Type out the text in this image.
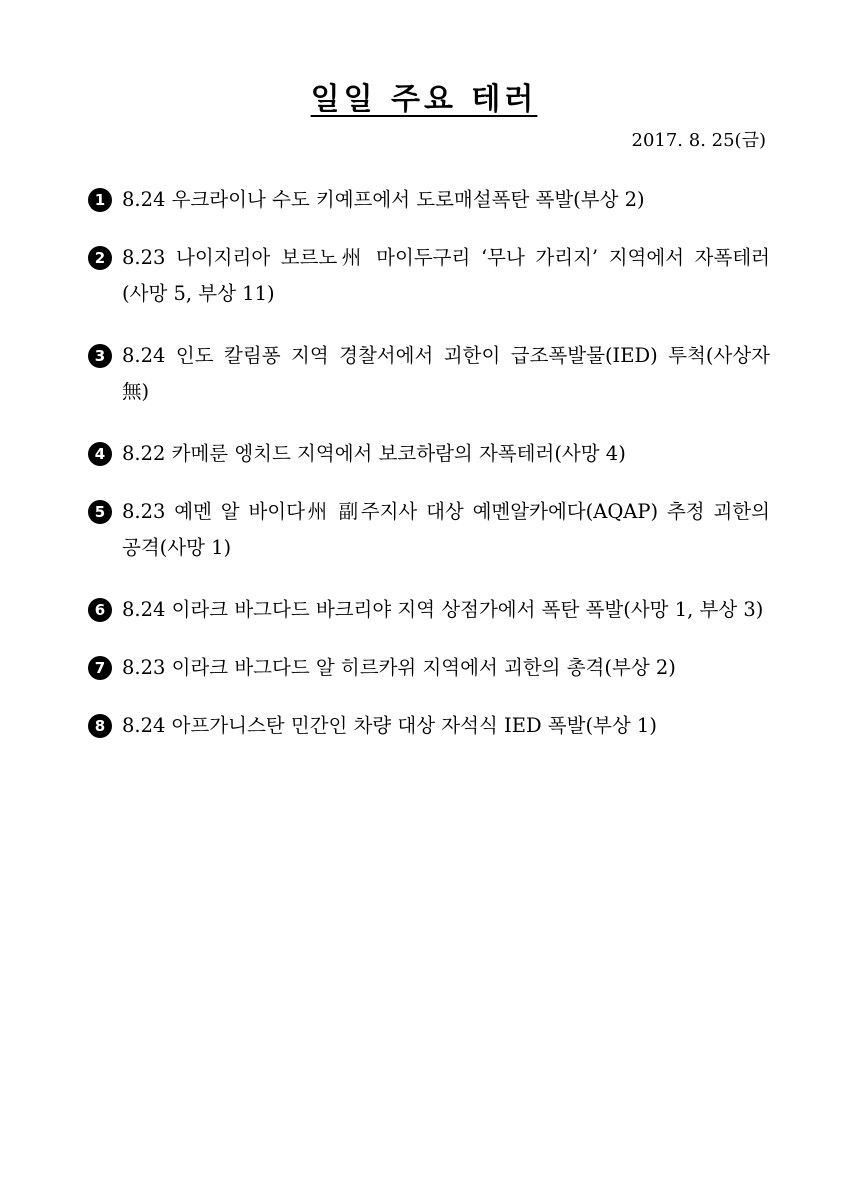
일일 주요 테러
2017. 8. 25(금)
1 8.24 우크라이나 수도 키예프에서 도로매설폭탄 폭발(부상 2)
2 8.23 나이지리아 보르노州 마이두구리 ‘무나 가리지’ 지역에서 자폭테러(사망 5, 부상 11)
3 8.24 인도 칼림퐁 지역 경찰서에서 괴한이 급조폭발물(IED) 투척(사상자 無)
4 8.22 카메룬 엥치드 지역에서 보코하람의 자폭테러(사망 4)
5 8.23 예멘 알 바이다州 副주지사 대상 예멘알카에다(AQAP) 추정 괴한의 공격(사망 1)
6 8.24 이라크 바그다드 바크리야 지역 상점가에서 폭탄 폭발(사망 1, 부상 3)
7 8.23 이라크 바그다드 알 히르카위 지역에서 괴한의 총격(부상 2)
8 8.24 아프가니스탄 민간인 차량 대상 자석식 IED 폭발(부상 1)
